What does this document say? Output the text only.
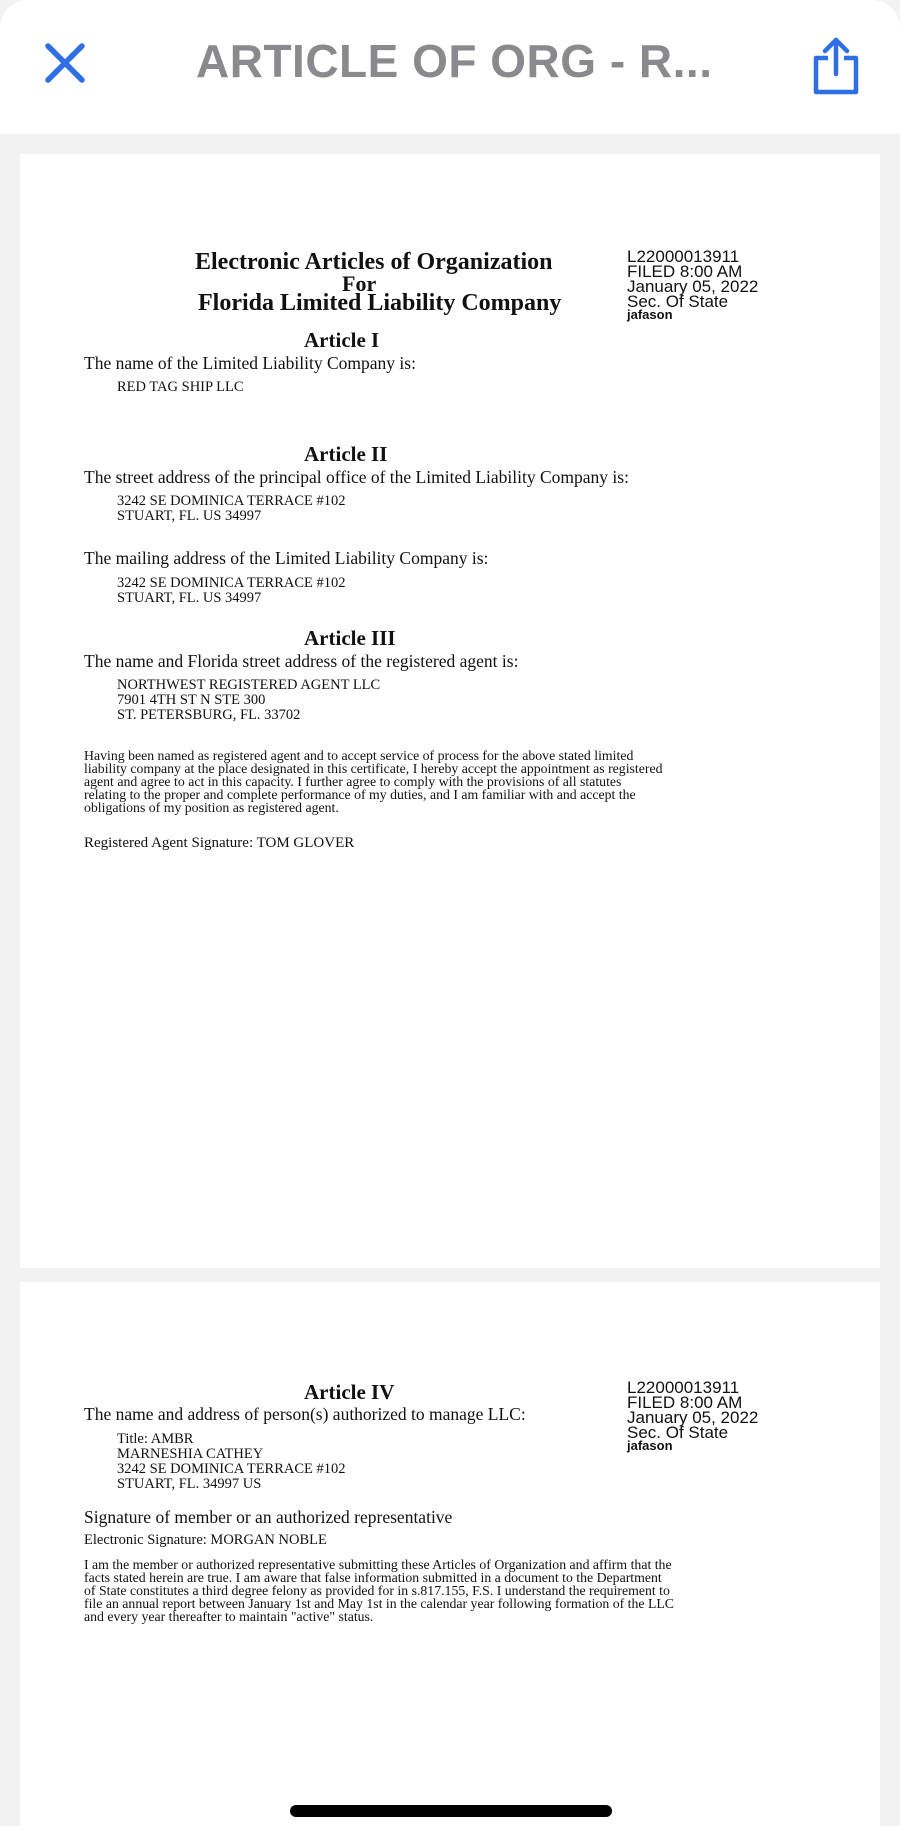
ARTICLE OF ORG - R...
Electronic Articles of Organization
For
Florida Limited Liability Company
L22000013911
FILED 8:00 AM
January 05, 2022
Sec. Of State
jafason
Article I
The name of the Limited Liability Company is:
RED TAG SHIP LLC
Article II
The street address of the principal office of the Limited Liability Company is:
3242 SE DOMINICA TERRACE #102
STUART, FL. US 34997
The mailing address of the Limited Liability Company is:
3242 SE DOMINICA TERRACE #102
STUART, FL. US 34997
Article III
The name and Florida street address of the registered agent is:
NORTHWEST REGISTERED AGENT LLC
7901 4TH ST N STE 300
ST. PETERSBURG, FL. 33702
Having been named as registered agent and to accept service of process for the above stated limited
liability company at the place designated in this certificate, I hereby accept the appointment as registered
agent and agree to act in this capacity. I further agree to comply with the provisions of all statutes
relating to the proper and complete performance of my duties, and I am familiar with and accept the
obligations of my position as registered agent.
Registered Agent Signature: TOM GLOVER
Article IV
The name and address of person(s) authorized to manage LLC:
L22000013911
FILED 8:00 AM
January 05, 2022
Sec. Of State
jafason
Title: AMBR
MARNESHIA CATHEY
3242 SE DOMINICA TERRACE #102
STUART, FL. 34997 US
Signature of member or an authorized representative
Electronic Signature: MORGAN NOBLE
I am the member or authorized representative submitting these Articles of Organization and affirm that the
facts stated herein are true. I am aware that false information submitted in a document to the Department
of State constitutes a third degree felony as provided for in s.817.155, F.S. I understand the requirement to
file an annual report between January 1st and May 1st in the calendar year following formation of the LLC
and every year thereafter to maintain "active" status.
